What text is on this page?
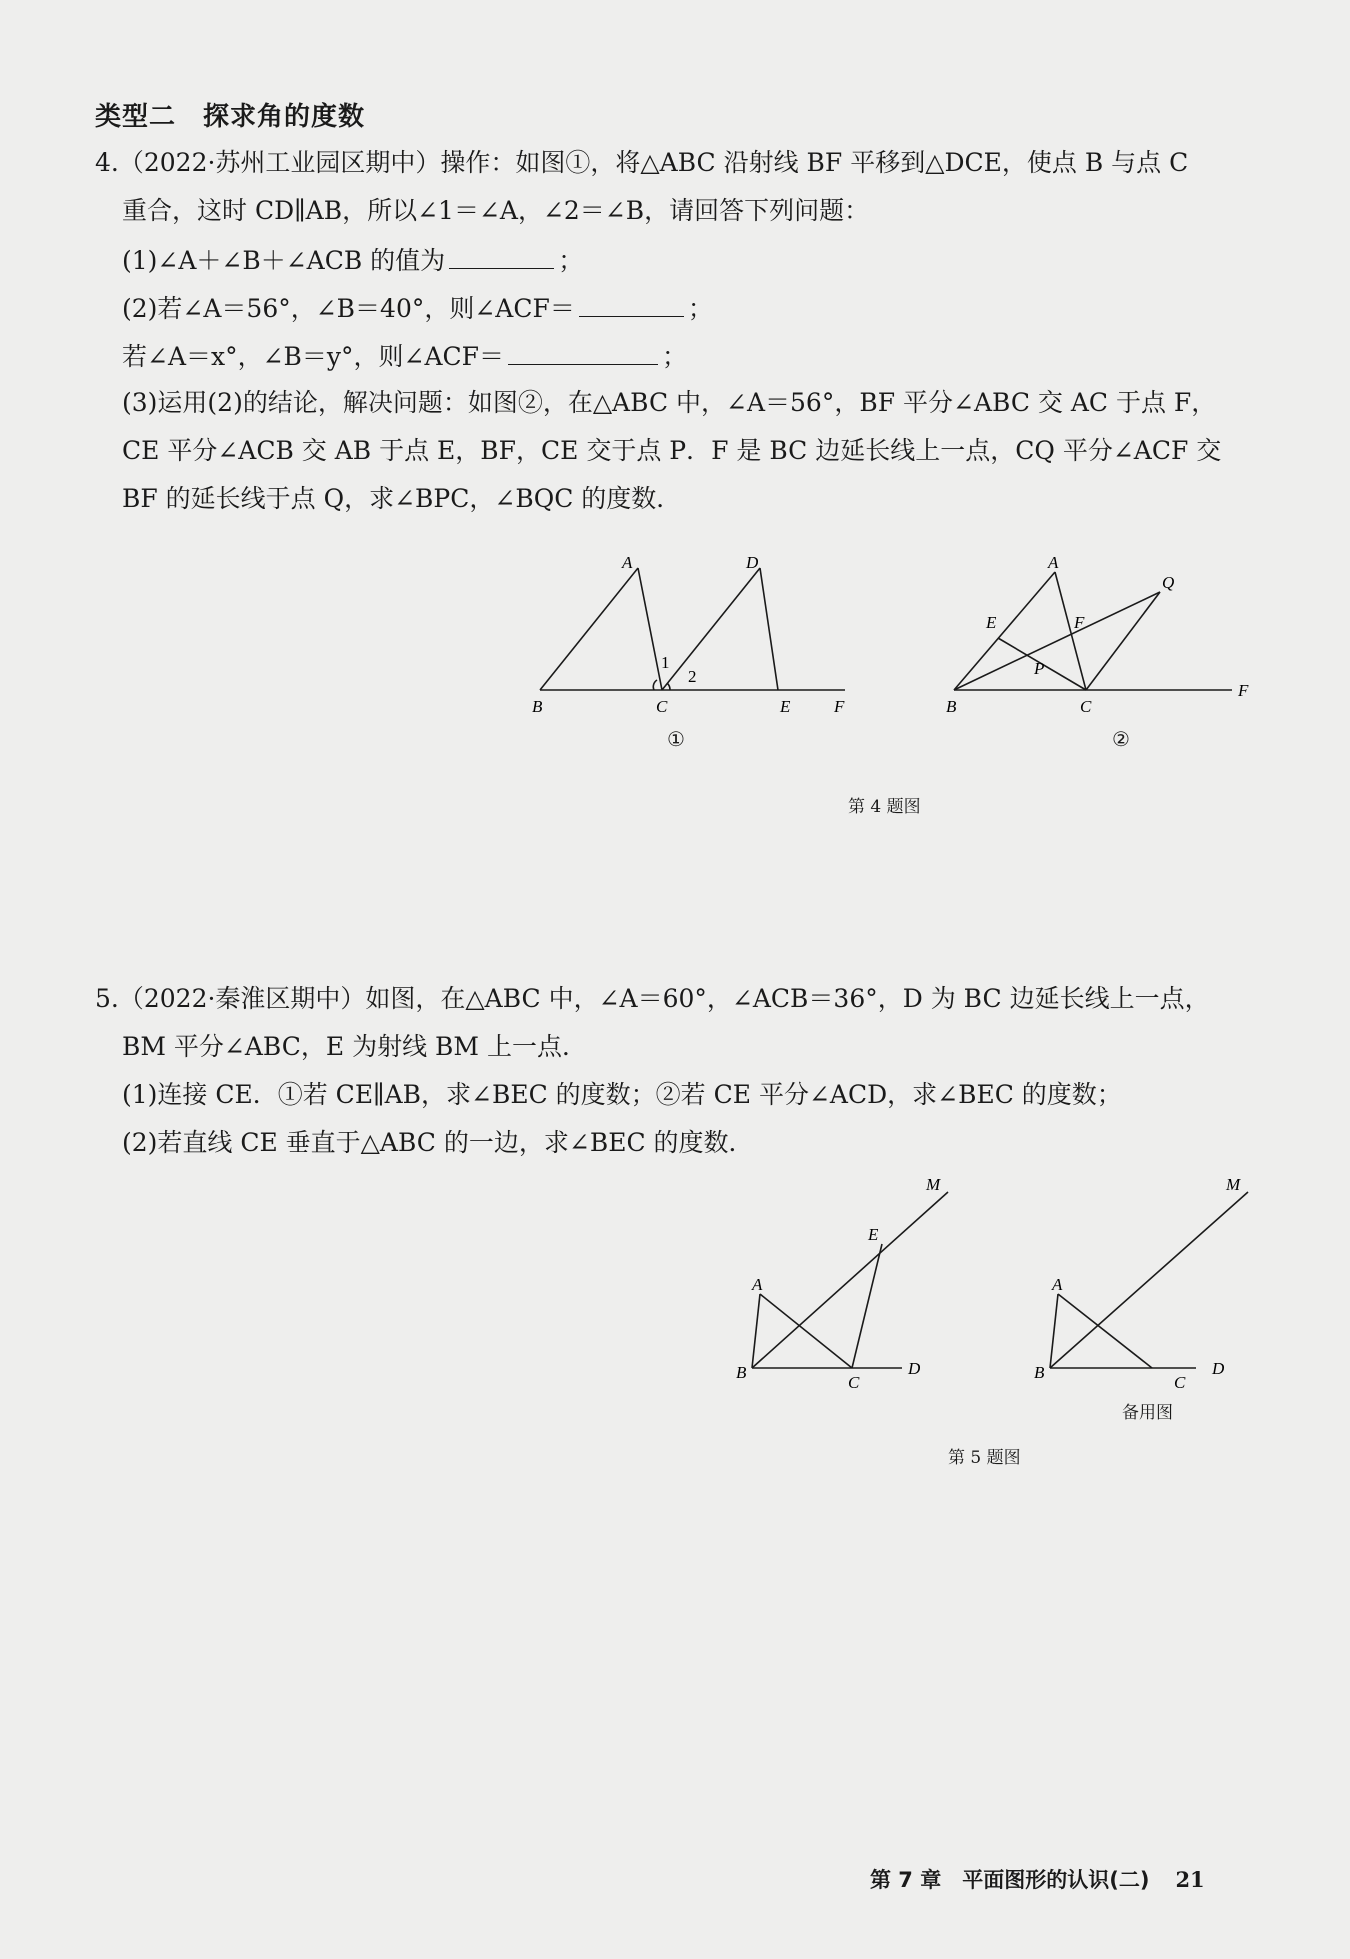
类型二　探求角的度数
4.（2022·苏州工业园区期中）操作：如图①，将△ABC 沿射线 BF 平移到△DCE，使点 B 与点 C
重合，这时 CD∥AB，所以∠1＝∠A，∠2＝∠B，请回答下列问题：
(1)∠A＋∠B＋∠ACB 的值为	；
(2)若∠A＝56°，∠B＝40°，则∠ACF＝	；
若∠A＝x°，∠B＝y°，则∠ACF＝	；
(3)运用(2)的结论，解决问题：如图②，在△ABC 中，∠A＝56°，BF 平分∠ABC 交 AC 于点 F，
CE 平分∠ACB 交 AB 于点 E，BF，CE 交于点 P．F 是 BC 边延长线上一点，CQ 平分∠ACF 交
BF 的延长线于点 Q，求∠BPC，∠BQC 的度数．
A	D
B	C	E	F
1
2
①
A
Q
E	F
P
B	C
F
②
第 4 题图
5.（2022·秦淮区期中）如图，在△ABC 中，∠A＝60°，∠ACB＝36°，D 为 BC 边延长线上一点，
BM 平分∠ABC，E 为射线 BM 上一点．
(1)连接 CE．①若 CE∥AB，求∠BEC 的度数；②若 CE 平分∠ACD，求∠BEC 的度数；
(2)若直线 CE 垂直于△ABC 的一边，求∠BEC 的度数．
M
E
A
B
C
D
M
A
B
C
D
备用图
第 5 题图
第 7 章　平面图形的认识(二) 21
